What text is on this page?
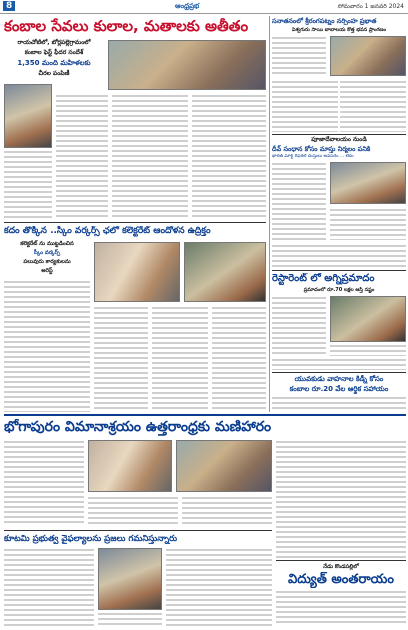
8	ఆంధ్రప్రభ	సోమవారం 1 జనవరి 2024
కంబాల సేవలు కులాల, మతాలకు అతీతం
రాయచోటిలో, బోర్లపల్లెగ్రామంలో
కంబాల ఫెస్ట్ ఫీదర సందేశ్
1,350 మంది మహిళలకు
చీరల పంపిణీ
కదం తొక్కిన ..స్కీం వర్కర్స్ ఛలో కలెక్టరేట్ ఆందోళన ఉద్రిక్తం
కలెక్టరేట్ ను ముట్టడించిన
స్కీం వర్కర్స్
పలువురు కార్యకులను
అరెస్ట్
సనాతనంలో శ్రీరంగపట్నం నర్సింహ ప్రభాత
విశ్వగురు సాయి బాబాలయ కొత్త భవన ప్రాంగణం
పూజాదేవాలయం నుండి
దీవ్ సంధాన కోసం మాస్తు నిర్మలం పనికి
భారత్ మార్ట్ రిఫరల్ దుస్తులు అవసరం ... లేదు
రెస్టారెంట్ లో అగ్నిప్రమాదం
ప్రమాదంలో రూ.70 లక్షల ఆస్తి నష్టం
యువకుడు వాహనాల కిడ్నీ కోసం
కంబాల రూ.20 వేల ఆర్థిక సహాయం
భోగాపురం విమానాశ్రయం ఉత్తరాంధ్రకు మణిహారం
నేడు కొండపల్లిలో
విద్యుత్ అంతరాయం
కూటమి ప్రభుత్వ వైఫల్యాలను ప్రజలు గమనిస్తున్నారు
